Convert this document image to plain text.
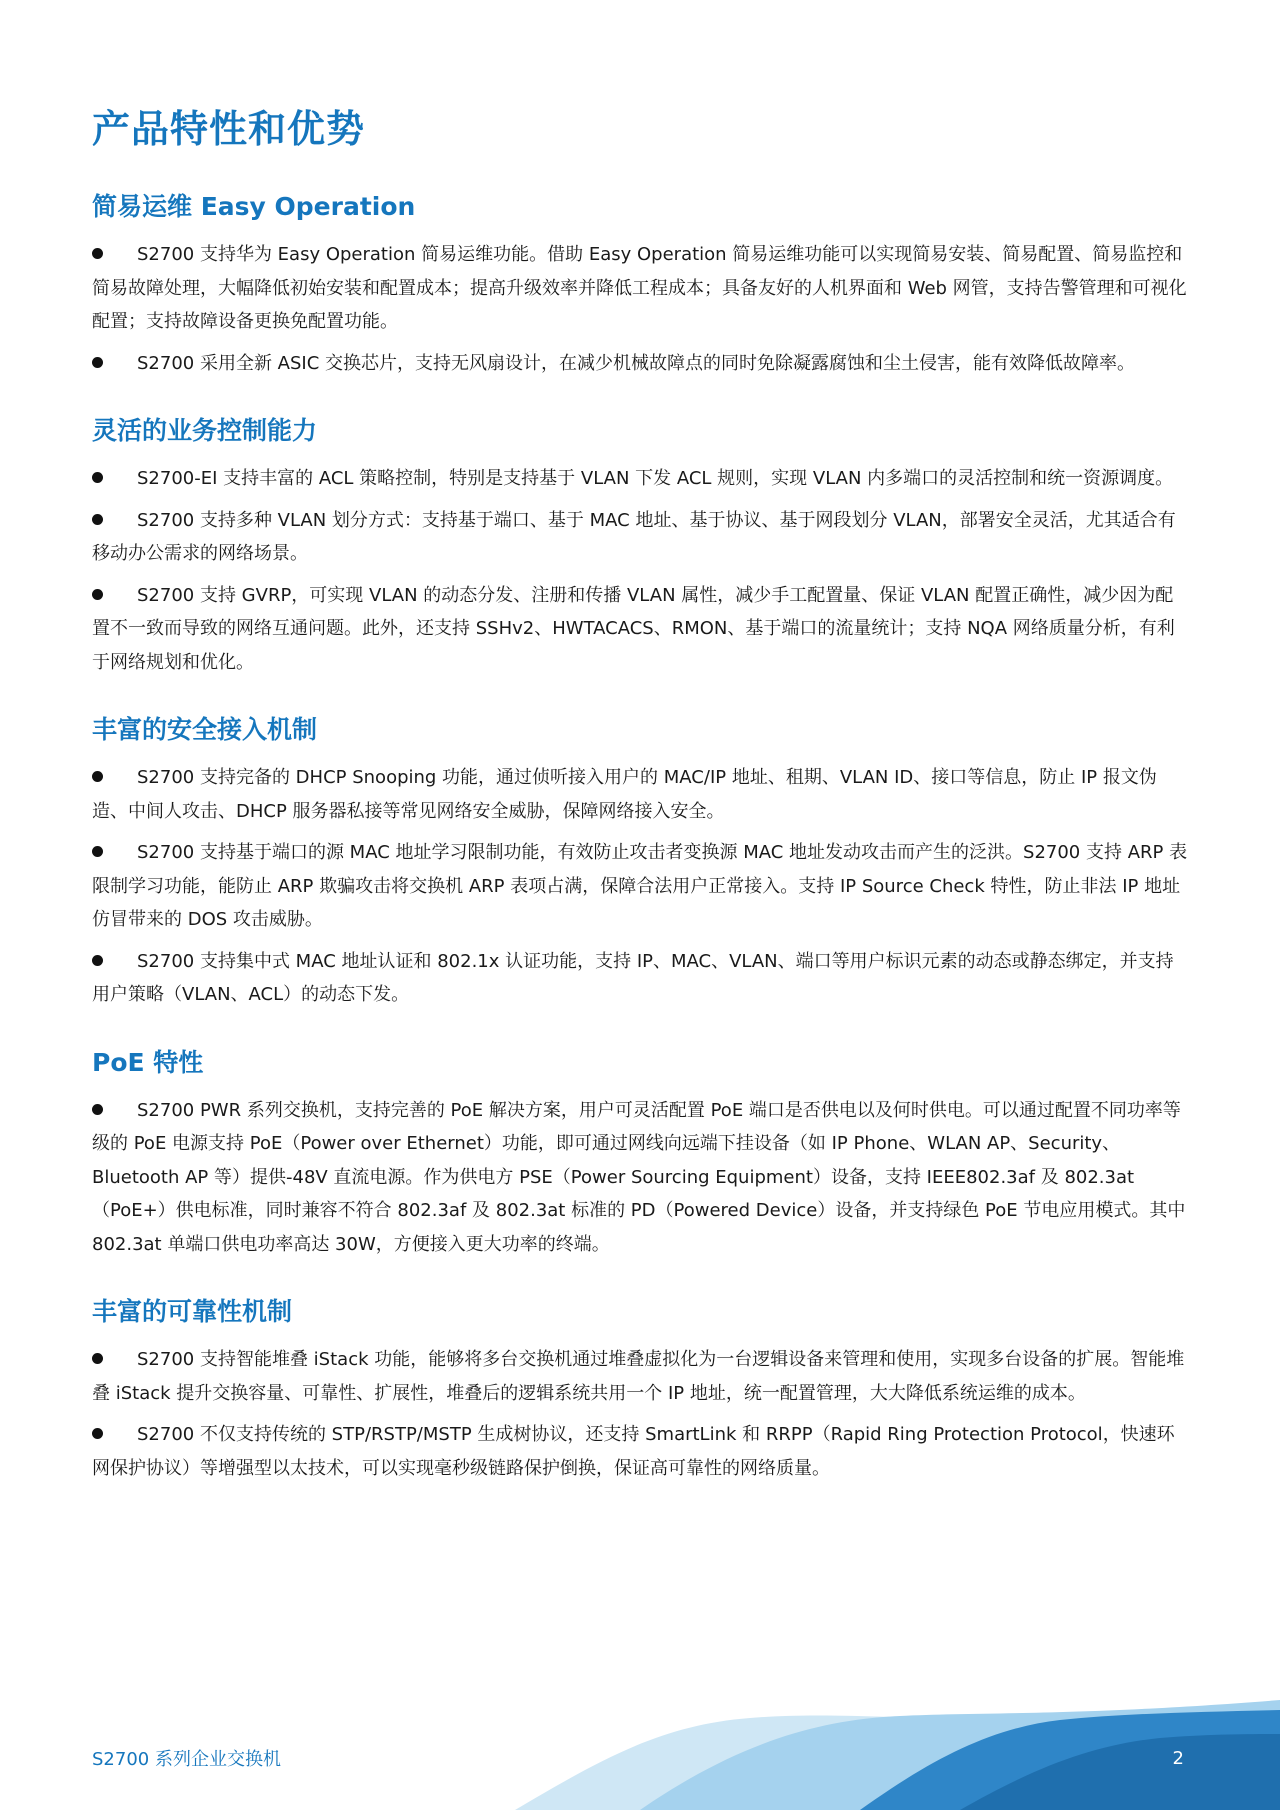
产品特性和优势
简易运维 Easy Operation

S2700 支持华为 Easy Operation 简易运维功能。借助 Easy Operation 简易运维功能可以实现简易安装、简易配置、简易监控和简易故障处理，大幅降低初始安装和配置成本；提高升级效率并降低工程成本；具备友好的人机界面和 Web 网管，支持告警管理和可视化配置；支持故障设备更换免配置功能。

S2700 采用全新 ASIC 交换芯片，支持无风扇设计，在减少机械故障点的同时免除凝露腐蚀和尘土侵害，能有效降低故障率。

灵活的业务控制能力

S2700-EI 支持丰富的 ACL 策略控制，特别是支持基于 VLAN 下发 ACL 规则，实现 VLAN 内多端口的灵活控制和统一资源调度。

S2700 支持多种 VLAN 划分方式：支持基于端口、基于 MAC 地址、基于协议、基于网段划分 VLAN，部署安全灵活，尤其适合有移动办公需求的网络场景。

S2700 支持 GVRP，可实现 VLAN 的动态分发、注册和传播 VLAN 属性，减少手工配置量、保证 VLAN 配置正确性，减少因为配置不一致而导致的网络互通问题。此外，还支持 SSHv2、HWTACACS、RMON、基于端口的流量统计；支持 NQA 网络质量分析，有利于网络规划和优化。

丰富的安全接入机制

S2700 支持完备的 DHCP Snooping 功能，通过侦听接入用户的 MAC/IP 地址、租期、VLAN ID、接口等信息，防止 IP 报文伪造、中间人攻击、DHCP 服务器私接等常见网络安全威胁，保障网络接入安全。

S2700 支持基于端口的源 MAC 地址学习限制功能，有效防止攻击者变换源 MAC 地址发动攻击而产生的泛洪。S2700 支持 ARP 表限制学习功能，能防止 ARP 欺骗攻击将交换机 ARP 表项占满，保障合法用户正常接入。支持 IP Source Check 特性，防止非法 IP 地址仿冒带来的 DOS 攻击威胁。

S2700 支持集中式 MAC 地址认证和 802.1x 认证功能，支持 IP、MAC、VLAN、端口等用户标识元素的动态或静态绑定，并支持用户策略（VLAN、ACL）的动态下发。

PoE 特性

S2700 PWR 系列交换机，支持完善的 PoE 解决方案，用户可灵活配置 PoE 端口是否供电以及何时供电。可以通过配置不同功率等级的 PoE 电源支持 PoE（Power over Ethernet）功能，即可通过网线向远端下挂设备（如 IP Phone、WLAN AP、Security、Bluetooth AP 等）提供-48V 直流电源。作为供电方 PSE（Power Sourcing Equipment）设备，支持 IEEE802.3af 及 802.3at（PoE+）供电标准，同时兼容不符合 802.3af 及 802.3at 标准的 PD（Powered Device）设备，并支持绿色 PoE 节电应用模式。其中 802.3at 单端口供电功率高达 30W，方便接入更大功率的终端。

丰富的可靠性机制

S2700 支持智能堆叠 iStack 功能，能够将多台交换机通过堆叠虚拟化为一台逻辑设备来管理和使用，实现多台设备的扩展。智能堆叠 iStack 提升交换容量、可靠性、扩展性，堆叠后的逻辑系统共用一个 IP 地址，统一配置管理，大大降低系统运维的成本。

S2700 不仅支持传统的 STP/RSTP/MSTP 生成树协议，还支持 SmartLink 和 RRPP（Rapid Ring Protection Protocol，快速环网保护协议）等增强型以太技术，可以实现毫秒级链路保护倒换，保证高可靠性的网络质量。

S2700 系列企业交换机	2
